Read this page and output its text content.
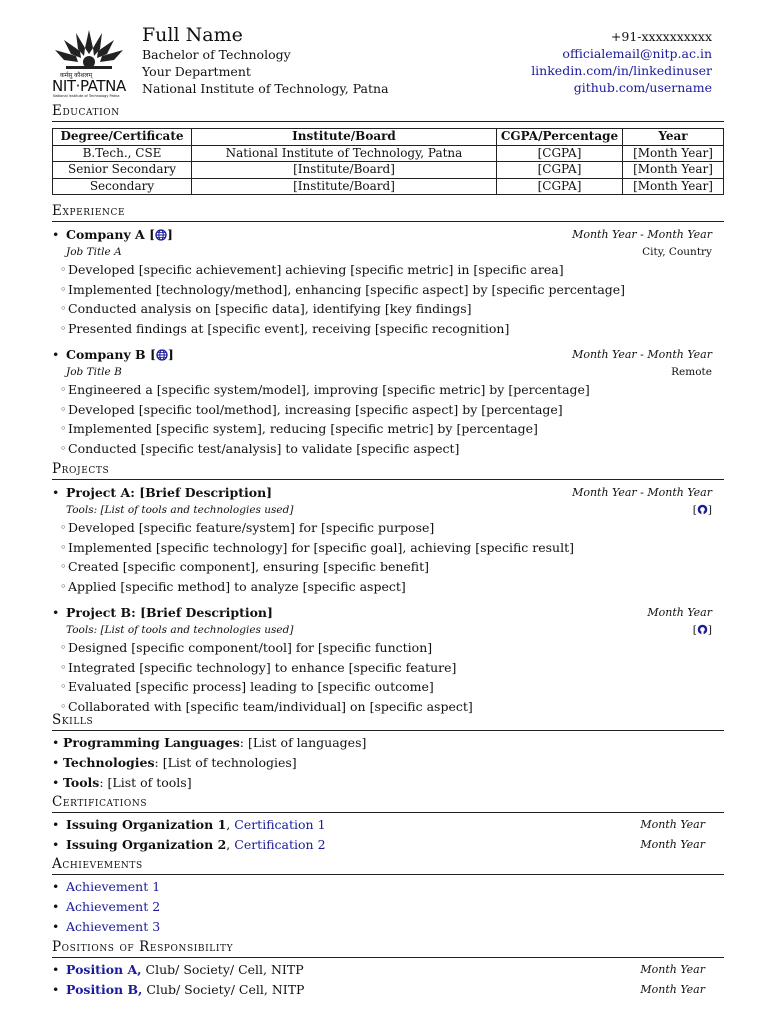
कर्मसु कौशलम्
NIT·PATNA
National Institute of Technology Patna
Full Name
Bachelor of Technology
Your Department
National Institute of Technology, Patna
+91-xxxxxxxxxx
officialemail@nitp.ac.in
linkedin.com/in/linkedinuser
github.com/username
Education
Degree/Certificate	Institute/Board	CGPA/Percentage	Year
B.Tech., CSE	National Institute of Technology, Patna	[CGPA]	[Month Year]
Senior Secondary	[Institute/Board]	[CGPA]	[Month Year]
Secondary	[Institute/Board]	[CGPA]	[Month Year]
Experience
• Company A [ ]	Month Year - Month Year
Job Title A	City, Country
◦ Developed [specific achievement] achieving [specific metric] in [specific area]
◦ Implemented [technology/method], enhancing [specific aspect] by [specific percentage]
◦ Conducted analysis on [specific data], identifying [key findings]
◦ Presented findings at [specific event], receiving [specific recognition]
• Company B [ ]	Month Year - Month Year
Job Title B	Remote
◦ Engineered a [specific system/model], improving [specific metric] by [percentage]
◦ Developed [specific tool/method], increasing [specific aspect] by [percentage]
◦ Implemented [specific system], reducing [specific metric] by [percentage]
◦ Conducted [specific test/analysis] to validate [specific aspect]
Projects
• Project A: [Brief Description]	Month Year - Month Year
Tools: [List of tools and technologies used]	[ ]
◦ Developed [specific feature/system] for [specific purpose]
◦ Implemented [specific technology] for [specific goal], achieving [specific result]
◦ Created [specific component], ensuring [specific benefit]
◦ Applied [specific method] to analyze [specific aspect]
• Project B: [Brief Description]	Month Year
Tools: [List of tools and technologies used]	[ ]
◦ Designed [specific component/tool] for [specific function]
◦ Integrated [specific technology] to enhance [specific feature]
◦ Evaluated [specific process] leading to [specific outcome]
◦ Collaborated with [specific team/individual] on [specific aspect]
Skills
• Programming Languages: [List of languages]
• Technologies: [List of technologies]
• Tools: [List of tools]
Certifications
• Issuing Organization 1, Certification 1	Month Year
• Issuing Organization 2, Certification 2	Month Year
Achievements
• Achievement 1
• Achievement 2
• Achievement 3
Positions of Responsibility
• Position A, Club/ Society/ Cell, NITP	Month Year
• Position B, Club/ Society/ Cell, NITP	Month Year
